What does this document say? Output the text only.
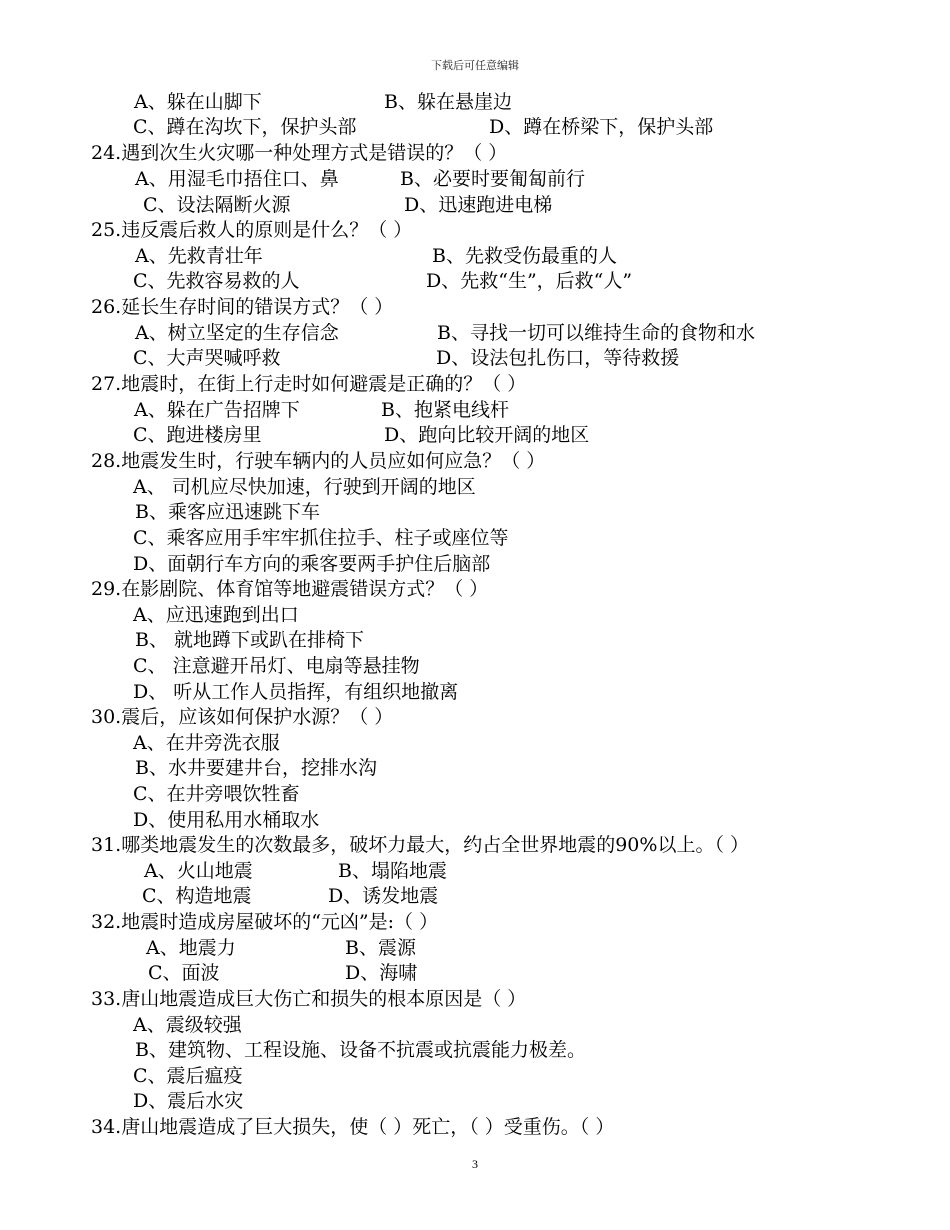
下载后可任意编辑
A、躲在山脚下	B、躲在悬崖边
C、蹲在沟坎下，保护头部	D、蹲在桥梁下，保护头部
24.遇到次生火灾哪一种处理方式是错误的？（ ）
A、用湿毛巾捂住口、鼻	B、必要时要匍匐前行
C、设法隔断火源	D、迅速跑进电梯
25.违反震后救人的原则是什么？（ ）
A、先救青壮年	B、先救受伤最重的人
C、先救容易救的人	D、先救“生”，后救“人”
26.延长生存时间的错误方式？（ ）
A、树立坚定的生存信念	B、寻找一切可以维持生命的食物和水
C、大声哭喊呼救	D、设法包扎伤口，等待救援
27.地震时，在街上行走时如何避震是正确的？（ ）
A、躲在广告招牌下	B、抱紧电线杆
C、跑进楼房里	D、跑向比较开阔的地区
28.地震发生时，行驶车辆内的人员应如何应急？（ ）
A、 司机应尽快加速，行驶到开阔的地区
B、乘客应迅速跳下车
C、乘客应用手牢牢抓住拉手、柱子或座位等
D、面朝行车方向的乘客要两手护住后脑部
29.在影剧院、体育馆等地避震错误方式？（ ）
A、应迅速跑到出口
B、 就地蹲下或趴在排椅下
C、 注意避开吊灯、电扇等悬挂物
D、 听从工作人员指挥，有组织地撤离
30.震后，应该如何保护水源？（ ）
A、在井旁洗衣服
B、水井要建井台，挖排水沟
C、在井旁喂饮牲畜
D、使用私用水桶取水
31.哪类地震发生的次数最多，破坏力最大，约占全世界地震的90%以上。（ ）
A、火山地震	B、塌陷地震
C、构造地震	D、诱发地震
32.地震时造成房屋破坏的“元凶”是:（ ）
A、地震力	B、震源
C、面波	D、海啸
33.唐山地震造成巨大伤亡和损失的根本原因是（ ）
A、震级较强
B、建筑物、工程设施、设备不抗震或抗震能力极差。
C、震后瘟疫
D、震后水灾
34.唐山地震造成了巨大损失，使（ ）死亡，（ ）受重伤。（ ）
3
